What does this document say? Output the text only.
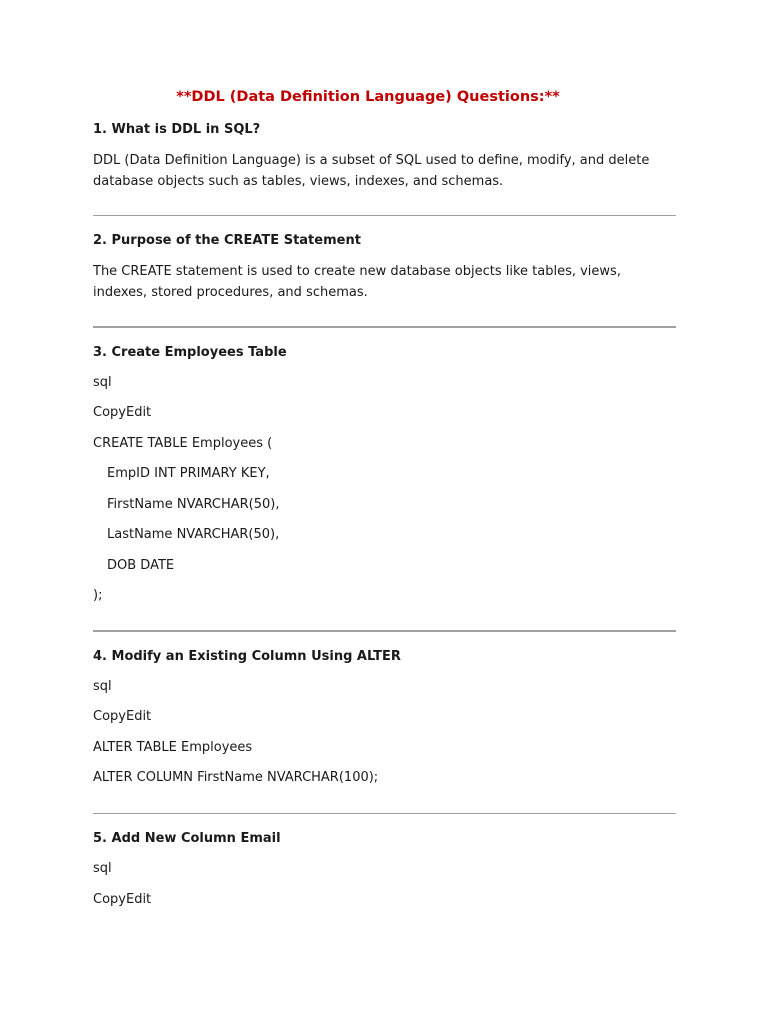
**DDL (Data Definition Language) Questions:**
1. What is DDL in SQL?
DDL (Data Definition Language) is a subset of SQL used to define, modify, and delete database objects such as tables, views, indexes, and schemas.
2. Purpose of the CREATE Statement
The CREATE statement is used to create new database objects like tables, views, indexes, stored procedures, and schemas.
3. Create Employees Table
sql
CopyEdit
CREATE TABLE Employees (
EmpID INT PRIMARY KEY,
FirstName NVARCHAR(50),
LastName NVARCHAR(50),
DOB DATE
);
4. Modify an Existing Column Using ALTER
sql
CopyEdit
ALTER TABLE Employees
ALTER COLUMN FirstName NVARCHAR(100);
5. Add New Column Email
sql
CopyEdit
